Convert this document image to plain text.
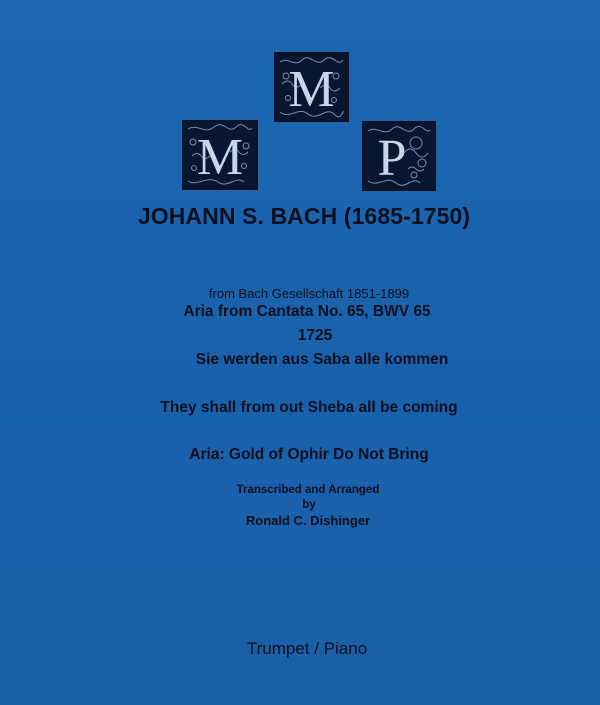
M
M	P
JOHANN S. BACH (1685-1750)
from Bach Gesellschaft 1851-1899
Aria from Cantata No. 65, BWV 65
1725
Sie werden aus Saba alle kommen
They shall from out Sheba all be coming
Aria: Gold of Ophir Do Not Bring
Transcribed and Arranged
by
Ronald C. Dishinger
Trumpet / Piano
